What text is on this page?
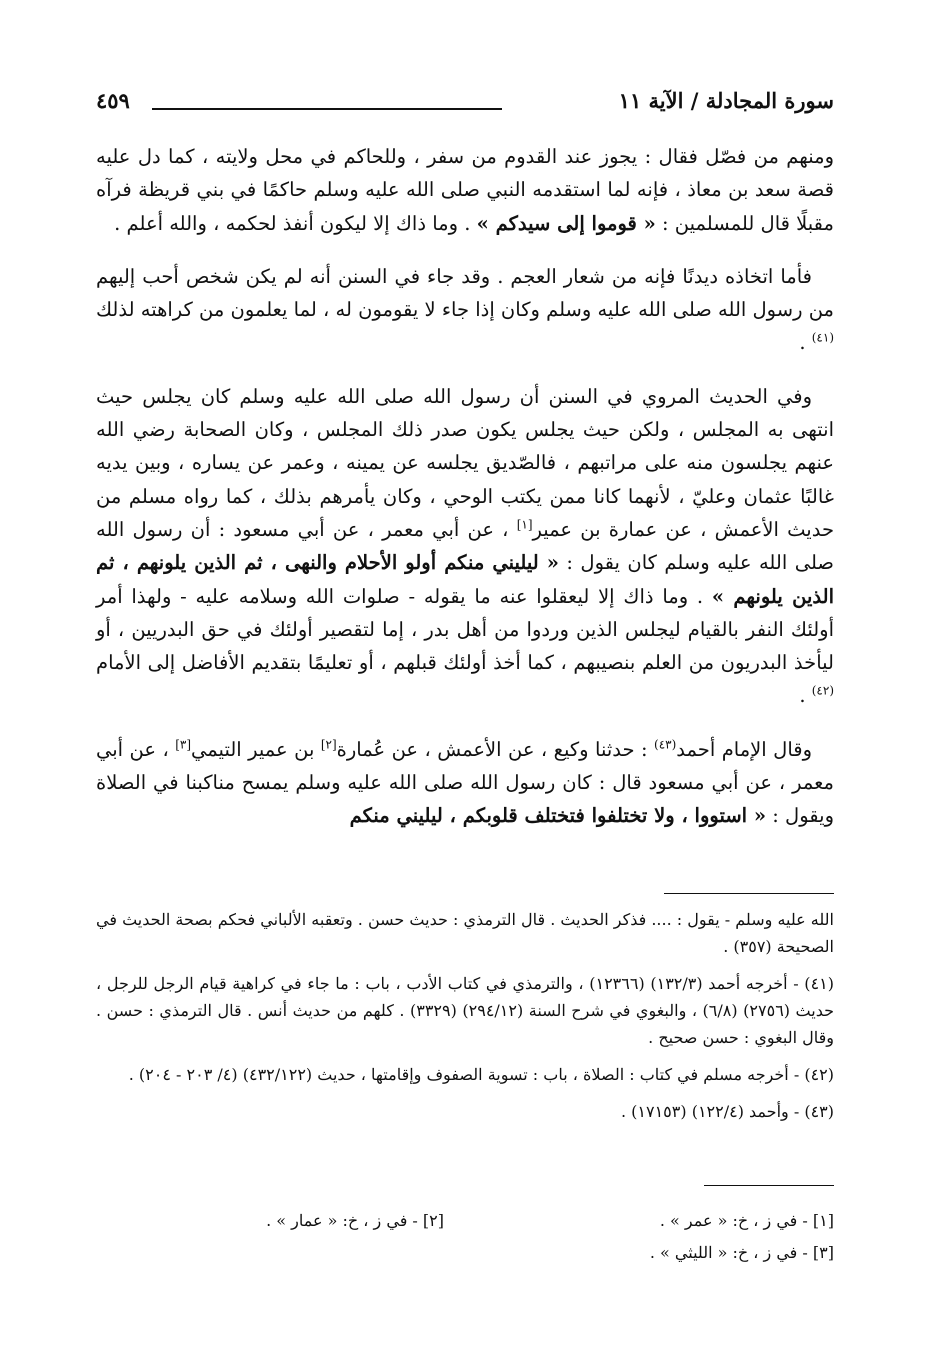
سورة المجادلة / الآية ١١
٤٥٩

ومنهم من فصّل فقال : يجوز عند القدوم من سفر ، وللحاكم في محل ولايته ، كما دل عليه قصة سعد بن معاذ ، فإنه لما استقدمه النبي صلى الله عليه وسلم حاكمًا في بني قريظة فرآه مقبلًا قال للمسلمين : « قوموا إلى سيدكم » . وما ذاك إلا ليكون أنفذ لحكمه ، والله أعلم .

فأما اتخاذه ديدنًا فإنه من شعار العجم . وقد جاء في السنن أنه لم يكن شخص أحب إليهم من رسول الله صلى الله عليه وسلم وكان إذا جاء لا يقومون له ، لما يعلمون من كراهته لذلك $^{(٤١)}$ .

وفي الحديث المروي في السنن أن رسول الله صلى الله عليه وسلم كان يجلس حيث انتهى به المجلس ، ولكن حيث يجلس يكون صدر ذلك المجلس ، وكان الصحابة رضي الله عنهم يجلسون منه على مراتبهم ، فالصّديق يجلسه عن يمينه ، وعمر عن يساره ، وبين يديه غالبًا عثمان وعليّ ، لأنهما كانا ممن يكتب الوحي ، وكان يأمرهم بذلك ، كما رواه مسلم من حديث الأعمش ، عن عمارة بن عمير[١] ، عن أبي معمر ، عن أبي مسعود : أن رسول الله صلى الله عليه وسلم كان يقول : « ليليني منكم أولو الأحلام والنهى ، ثم الذين يلونهم ، ثم الذين يلونهم » . وما ذاك إلا ليعقلوا عنه ما يقوله - صلوات الله وسلامه عليه - ولهذا أمر أولئك النفر بالقيام ليجلس الذين وردوا من أهل بدر ، إما لتقصير أولئك في حق البدريين ، أو ليأخذ البدريون من العلم بنصيبهم ، كما أخذ أولئك قبلهم ، أو تعليمًا بتقديم الأفاضل إلى الأمام $^{(٤٢)}$ .

وقال الإمام أحمد$^{(٤٣)}$ : حدثنا وكيع ، عن الأعمش ، عن عُمارة[٢] بن عمير التيمي[٣] ، عن أبي معمر ، عن أبي مسعود قال : كان رسول الله صلى الله عليه وسلم يمسح مناكبنا في الصلاة ويقول : « استووا ، ولا تختلفوا فتختلف قلوبكم ، ليليني منكم

الله عليه وسلم - يقول : .... فذكر الحديث . قال الترمذي : حديث حسن . وتعقبه الألباني فحكم بصحة الحديث في الصحيحة (٣٥٧) .

(٤١) - أخرجه أحمد (١٣٢/٣) (١٢٣٦٦) ، والترمذي في كتاب الأدب ، باب : ما جاء في كراهية قيام الرجل للرجل ، حديث (٢٧٥٦) (٦/٨) ، والبغوي في شرح السنة (٢٩٤/١٢) (٣٣٢٩) . كلهم من حديث أنس . قال الترمذي : حسن . وقال البغوي : حسن صحيح .

(٤٢) - أخرجه مسلم في كتاب : الصلاة ، باب : تسوية الصفوف وإقامتها ، حديث (٤٣٢/١٢٢) (٤/ ٢٠٣ - ٢٠٤) .

(٤٣) - وأحمد (١٢٢/٤) (١٧١٥٣) .

[١] - في ز ، خ: « عمر » .
[٢] - في ز ، خ: « عمار » .
[٣] - في ز ، خ: « الليثي » .
